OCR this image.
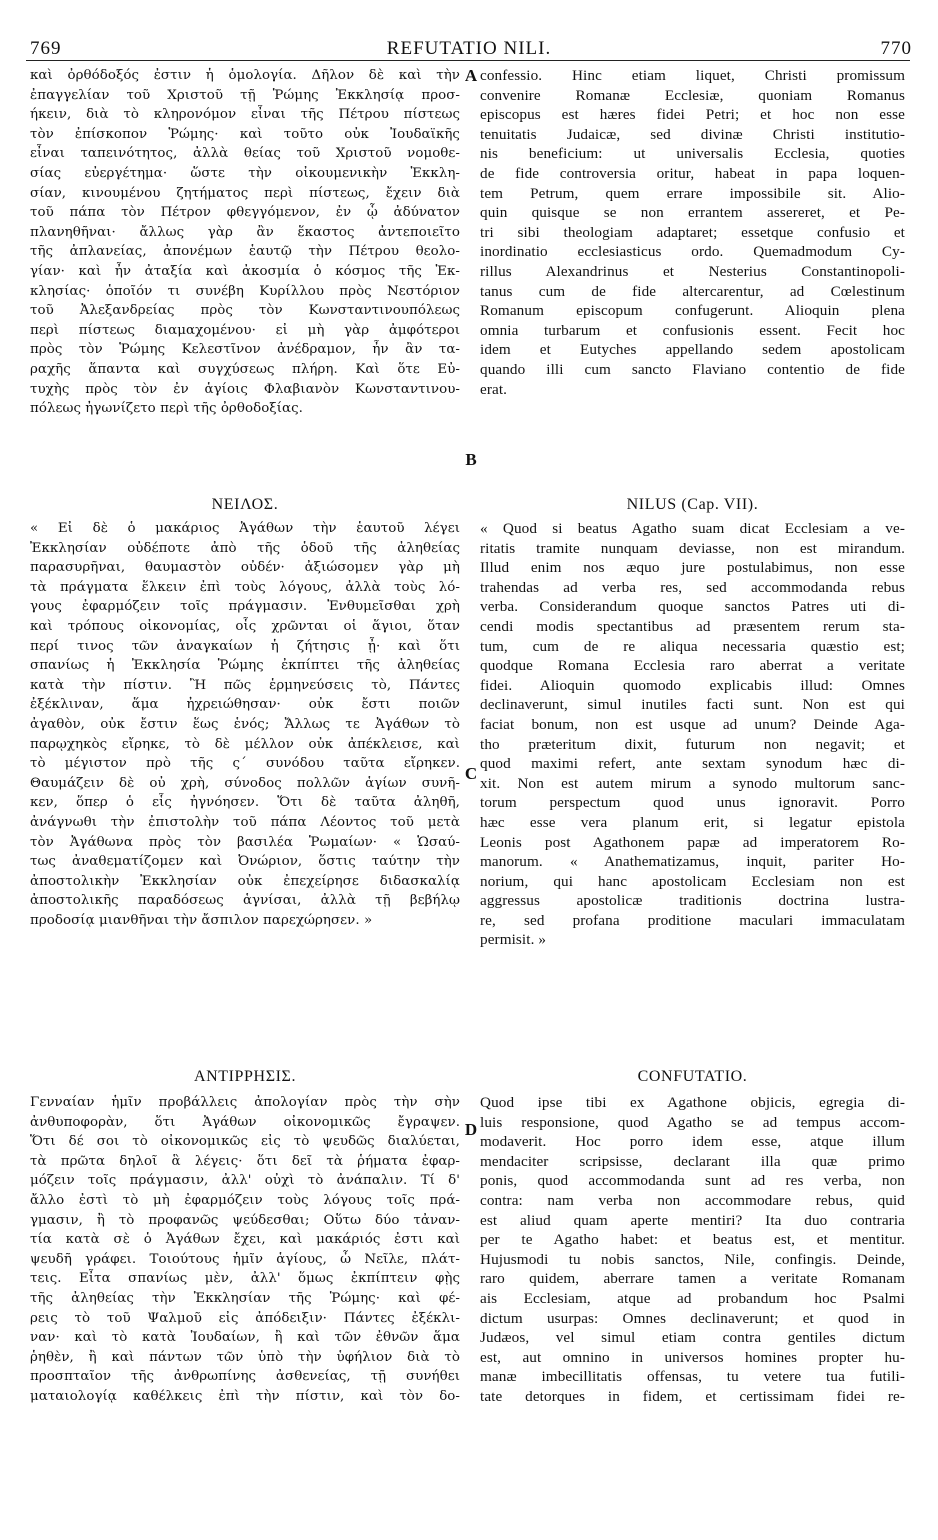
769	REFUTATIO NILI.	770
A
B
C
D
καὶ ὀρθόδοξός ἐστιν ἡ ὁμολογία. Δῆλον δὲ καὶ τὴν
ἐπαγγελίαν τοῦ Χριστοῦ τῇ Ῥώμης Ἐκκλησίᾳ προσ-
ήκειν, διὰ τὸ κληρονόμον εἶναι τῆς Πέτρου πίστεως
τὸν ἐπίσκοπον Ῥώμης· καὶ τοῦτο οὐκ Ἰουδαϊκῆς
εἶναι ταπεινότητος, ἀλλὰ θείας τοῦ Χριστοῦ νομοθε-
σίας εὐεργέτημα· ὥστε τὴν οἰκουμενικὴν Ἐκκλη-
σίαν, κινουμένου ζητήματος περὶ πίστεως, ἔχειν διὰ
τοῦ πάπα τὸν Πέτρον φθεγγόμενον, ἐν ᾧ ἀδύνατον
πλανηθῆναι· ἄλλως γὰρ ἂν ἕκαστος ἀντεποιεῖτο
τῆς ἀπλανείας, ἀπονέμων ἑαυτῷ τὴν Πέτρου θεολο-
γίαν· καὶ ἦν ἀταξία καὶ ἀκοσμία ὁ κόσμος τῆς Ἐκ-
κλησίας· ὁποῖόν τι συνέβη Κυρίλλου πρὸς Νεστόριον
τοῦ Ἀλεξανδρείας πρὸς τὸν Κωνσταντινουπόλεως
περὶ πίστεως διαμαχομένου· εἰ μὴ γὰρ ἀμφότεροι
πρὸς τὸν Ῥώμης Κελεστῖνον ἀνέδραμον, ἦν ἂν τα-
ραχῆς ἅπαντα καὶ συγχύσεως πλήρη. Καὶ ὅτε Εὐ-
τυχὴς πρὸς τὸν ἐν ἁγίοις Φλαβιανὸν Κωνσταντινου-
πόλεως ἠγωνίζετο περὶ τῆς ὀρθοδοξίας.
confessio. Hinc etiam liquet, Christi promissum
convenire Romanæ Ecclesiæ, quoniam Romanus
episcopus est hæres fidei Petri; et hoc non esse
tenuitatis Judaicæ, sed divinæ Christi institutio-
nis beneficium: ut universalis Ecclesia, quoties
de fide controversia oritur, habeat in papa loquen-
tem Petrum, quem errare impossibile sit. Alio-
quin quisque se non errantem assereret, et Pe-
tri sibi theologiam adaptaret; essetque confusio et
inordinatio ecclesiasticus ordo. Quemadmodum Cy-
rillus Alexandrinus et Nesterius Constantinopoli-
tanus cum de fide altercarentur, ad Cœlestinum
Romanum episcopum confugerunt. Alioquin plena
omnia turbarum et confusionis essent. Fecit hoc
idem et Eutyches appellando sedem apostolicam
quando illi cum sancto Flaviano contentio de fide
erat.
ΝΕΙΛΟΣ.	NILUS (Cap. VII).
« Εἰ δὲ ὁ μακάριος Ἀγάθων τὴν ἑαυτοῦ λέγει
Ἐκκλησίαν οὐδέποτε ἀπὸ τῆς ὁδοῦ τῆς ἀληθείας
παρασυρῆναι, θαυμαστὸν οὐδέν· ἀξιώσομεν γὰρ μὴ
τὰ πράγματα ἕλκειν ἐπὶ τοὺς λόγους, ἀλλὰ τοὺς λό-
γους ἐφαρμόζειν τοῖς πράγμασιν. Ἐνθυμεῖσθαι χρὴ
καὶ τρόπους οἰκονομίας, οἷς χρῶνται οἱ ἅγιοι, ὅταν
περί τινος τῶν ἀναγκαίων ἡ ζήτησις ᾖ· καὶ ὅτι
σπανίως ἡ Ἐκκλησία Ῥώμης ἐκπίπτει τῆς ἀληθείας
κατὰ τὴν πίστιν. Ἢ πῶς ἑρμηνεύσεις τὸ, Πάντες
ἐξέκλιναν, ἅμα ἠχρειώθησαν· οὐκ ἔστι ποιῶν
ἀγαθὸν, οὐκ ἔστιν ἕως ἑνός; Ἄλλως τε Ἀγάθων τὸ
παρῳχηκὸς εἴρηκε, τὸ δὲ μέλλον οὐκ ἀπέκλεισε, καὶ
τὸ μέγιστον πρὸ τῆς ς΄ συνόδου ταῦτα εἴρηκεν.
Θαυμάζειν δὲ οὐ χρὴ, σύνοδος πολλῶν ἁγίων συνῆ-
κεν, ὅπερ ὁ εἷς ἠγνόησεν. Ὅτι δὲ ταῦτα ἀληθῆ,
ἀνάγνωθι τὴν ἐπιστολὴν τοῦ πάπα Λέοντος τοῦ μετὰ
τὸν Ἀγάθωνα πρὸς τὸν βασιλέα Ῥωμαίων· « Ὡσαύ-
τως ἀναθεματίζομεν καὶ Ὀνώριον, ὅστις ταύτην τὴν
ἀποστολικὴν Ἐκκλησίαν οὐκ ἐπεχείρησε διδασκαλίᾳ
ἀποστολικῆς παραδόσεως ἁγνίσαι, ἀλλὰ τῇ βεβήλῳ
προδοσίᾳ μιανθῆναι τὴν ἄσπιλον παρεχώρησεν. »
« Quod si beatus Agatho suam dicat Ecclesiam a ve-
ritatis tramite nunquam deviasse, non est mirandum.
Illud enim nos æquo jure postulabimus, non esse
trahendas ad verba res, sed accommodanda rebus
verba. Considerandum quoque sanctos Patres uti di-
cendi modis spectantibus ad præsentem rerum sta-
tum, cum de re aliqua necessaria quæstio est;
quodque Romana Ecclesia raro aberrat a veritate
fidei. Alioquin quomodo explicabis illud: Omnes
declinaverunt, simul inutiles facti sunt. Non est qui
faciat bonum, non est usque ad unum? Deinde Aga-
tho præteritum dixit, futurum non negavit; et
quod maximi refert, ante sextam synodum hæc di-
xit. Non est autem mirum a synodo multorum sanc-
torum perspectum quod unus ignoravit. Porro
hæc esse vera planum erit, si legatur epistola
Leonis post Agathonem papæ ad imperatorem Ro-
manorum. « Anathematizamus, inquit, pariter Ho-
norium, qui hanc apostolicam Ecclesiam non est
aggressus apostolicæ traditionis doctrina lustra-
re, sed profana proditione maculari immaculatam
permisit. »
ΑΝΤΙΡΡΗΣΙΣ.	CONFUTATIO.
Γενναίαν ἡμῖν προβάλλεις ἀπολογίαν πρὸς τὴν σὴν
ἀνθυποφορὰν, ὅτι Ἀγάθων οἰκονομικῶς ἔγραψεν.
Ὅτι δέ σοι τὸ οἰκονομικῶς εἰς τὸ ψευδῶς διαλύεται,
τὰ πρῶτα δηλοῖ ἃ λέγεις· ὅτι δεῖ τὰ ῥήματα ἐφαρ-
μόζειν τοῖς πράγμασιν, ἀλλ' οὐχὶ τὸ ἀνάπαλιν. Τί δ'
ἄλλο ἐστὶ τὸ μὴ ἐφαρμόζειν τοὺς λόγους τοῖς πρά-
γμασιν, ἢ τὸ προφανῶς ψεύδεσθαι; Οὕτω δύο τἀναν-
τία κατὰ σὲ ὁ Ἀγάθων ἔχει, καὶ μακάριός ἐστι καὶ
ψευδῆ γράφει. Τοιούτους ἡμῖν ἁγίους, ὦ Νεῖλε, πλάτ-
τεις. Εἶτα σπανίως μὲν, ἀλλ' ὅμως ἐκπίπτειν φῂς
τῆς ἀληθείας τὴν Ἐκκλησίαν τῆς Ῥώμης· καὶ φέ-
ρεις τὸ τοῦ Ψαλμοῦ εἰς ἀπόδειξιν· Πάντες ἐξέκλι-
ναν· καὶ τὸ κατὰ Ἰουδαίων, ἢ καὶ τῶν ἐθνῶν ἅμα
ῥηθὲν, ἢ καὶ πάντων τῶν ὑπὸ τὴν ὑφήλιον διὰ τὸ
προσπταῖον τῆς ἀνθρωπίνης ἀσθενείας, τῇ συνήθει
ματαιολογίᾳ καθέλκεις ἐπὶ τὴν πίστιν, καὶ τὸν δο-
Quod ipse tibi ex Agathone objicis, egregia di-
luis responsione, quod Agatho se ad tempus accom-
modaverit. Hoc porro idem esse, atque illum
mendaciter scripsisse, declarant illa quæ primo
ponis, quod accommodanda sunt ad res verba, non
contra: nam verba non accommodare rebus, quid
est aliud quam aperte mentiri? Ita duo contraria
per te Agatho habet: et beatus est, et mentitur.
Hujusmodi tu nobis sanctos, Nile, confingis. Deinde,
raro quidem, aberrare tamen a veritate Romanam
ais Ecclesiam, atque ad probandum hoc Psalmi
dictum usurpas: Omnes declinaverunt; et quod in
Judæos, vel simul etiam contra gentiles dictum
est, aut omnino in universos homines propter hu-
manæ imbecillitatis offensas, tu vetere tua futili-
tate detorques in fidem, et certissimam fidei re-
